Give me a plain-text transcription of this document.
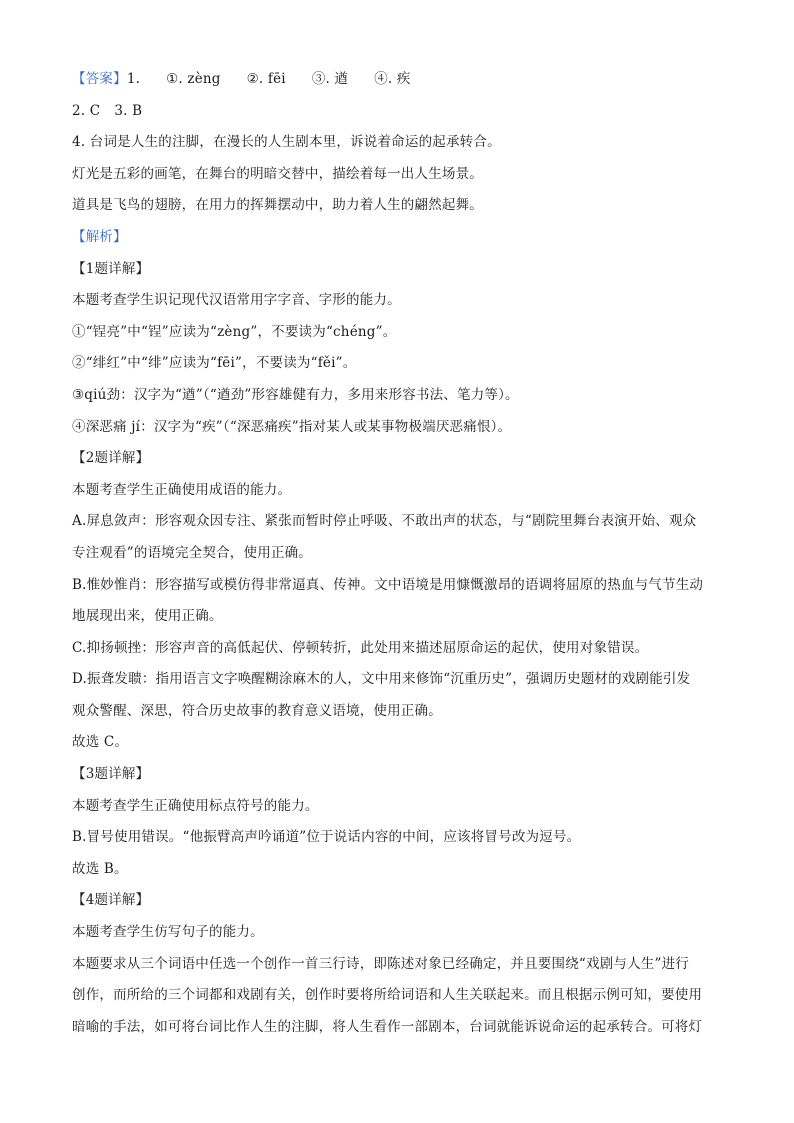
【答案】1. ①. zèng ②. fēi ③. 遒 ④. 疾
2. C 3. B
4. 台词是人生的注脚，在漫长的人生剧本里，诉说着命运的起承转合。
灯光是五彩的画笔，在舞台的明暗交替中，描绘着每一出人生场景。
道具是飞鸟的翅膀，在用力的挥舞摆动中，助力着人生的翩然起舞。
【解析】
【1题详解】
本题考查学生识记现代汉语常用字字音、字形的能力。
①“锃亮”中“锃”应读为“zèng”，不要读为“chéng”。
②“绯红”中“绯”应读为“fēi”，不要读为“fěi”。
③qiú劲：汉字为“遒”（“遒劲”形容雄健有力，多用来形容书法、笔力等）。
④深恶痛 jí：汉字为“疾”（“深恶痛疾”指对某人或某事物极端厌恶痛恨）。
【2题详解】
本题考查学生正确使用成语的能力。
A.屏息敛声：形容观众因专注、紧张而暂时停止呼吸、不敢出声的状态，与“剧院里舞台表演开始、观众
专注观看”的语境完全契合，使用正确。
B.惟妙惟肖：形容描写或模仿得非常逼真、传神。文中语境是用慷慨激昂的语调将屈原的热血与气节生动
地展现出来，使用正确。
C.抑扬顿挫：形容声音的高低起伏、停顿转折，此处用来描述屈原命运的起伏，使用对象错误。
D.振聋发聩：指用语言文字唤醒糊涂麻木的人，文中用来修饰“沉重历史”，强调历史题材的戏剧能引发
观众警醒、深思，符合历史故事的教育意义语境，使用正确。
故选 C。
【3题详解】
本题考查学生正确使用标点符号的能力。
B.冒号使用错误。“他振臂高声吟诵道”位于说话内容的中间，应该将冒号改为逗号。
故选 B。
【4题详解】
本题考查学生仿写句子的能力。
本题要求从三个词语中任选一个创作一首三行诗，即陈述对象已经确定，并且要围绕“戏剧与人生”进行
创作，而所给的三个词都和戏剧有关，创作时要将所给词语和人生关联起来。而且根据示例可知，要使用
暗喻的手法，如可将台词比作人生的注脚，将人生看作一部剧本，台词就能诉说命运的起承转合。可将灯
